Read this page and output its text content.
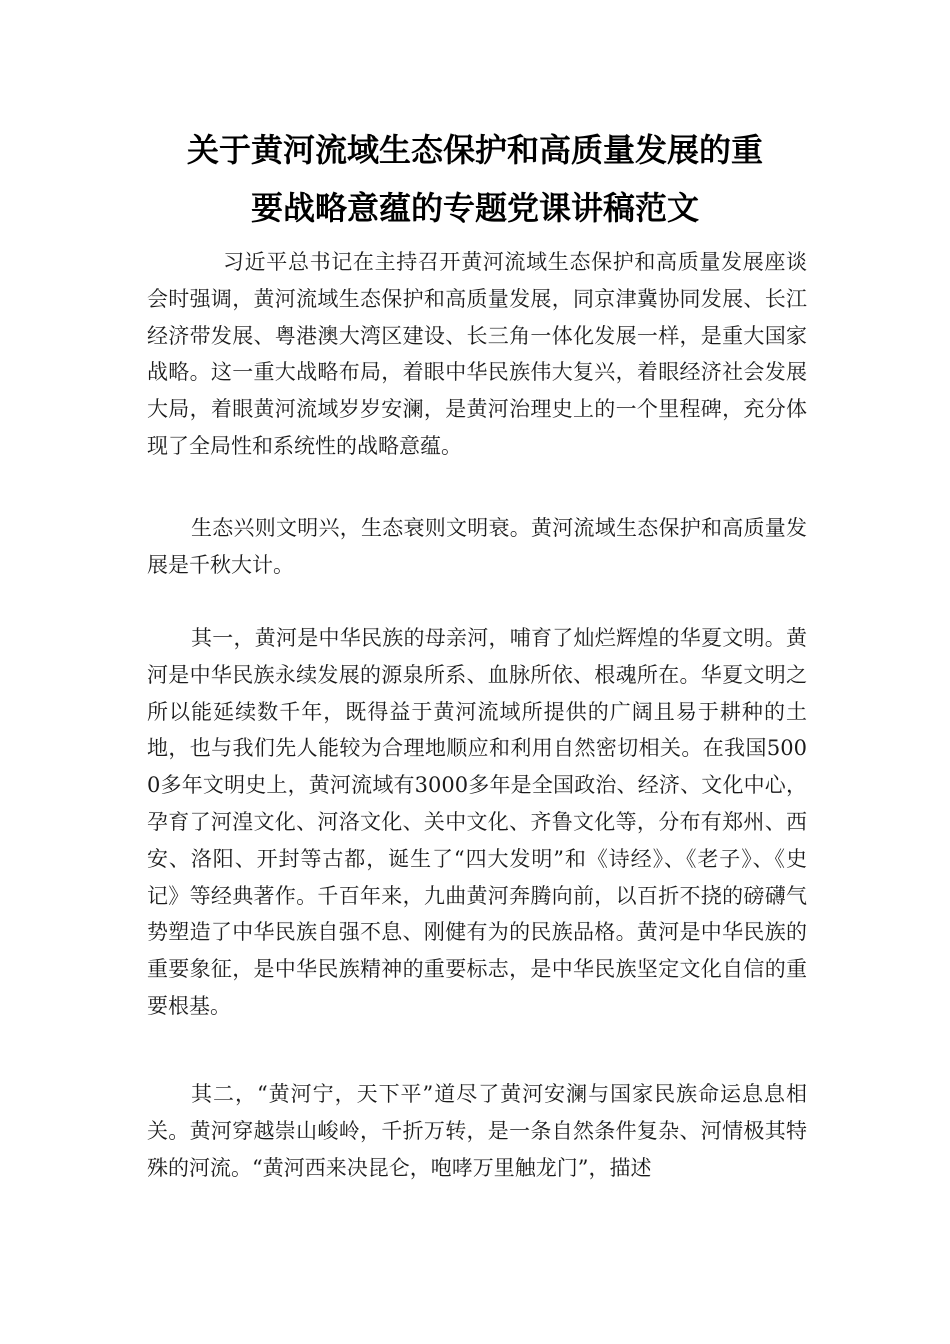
关于黄河流域生态保护和高质量发展的重
要战略意蕴的专题党课讲稿范文

习近平总书记在主持召开黄河流域生态保护和高质量发展座谈会时强调，黄河流域生态保护和高质量发展，同京津冀协同发展、长江经济带发展、粤港澳大湾区建设、长三角一体化发展一样，是重大国家战略。这一重大战略布局，着眼中华民族伟大复兴，着眼经济社会发展大局，着眼黄河流域岁岁安澜，是黄河治理史上的一个里程碑，充分体现了全局性和系统性的战略意蕴。

生态兴则文明兴，生态衰则文明衰。黄河流域生态保护和高质量发展是千秋大计。

其一，黄河是中华民族的母亲河，哺育了灿烂辉煌的华夏文明。黄河是中华民族永续发展的源泉所系、血脉所依、根魂所在。华夏文明之所以能延续数千年，既得益于黄河流域所提供的广阔且易于耕种的土地，也与我们先人能较为合理地顺应和利用自然密切相关。在我国5000多年文明史上，黄河流域有3000多年是全国政治、经济、文化中心，孕育了河湟文化、河洛文化、关中文化、齐鲁文化等，分布有郑州、西安、洛阳、开封等古都，诞生了“四大发明”和《诗经》、《老子》、《史记》等经典著作。千百年来，九曲黄河奔腾向前，以百折不挠的磅礴气势塑造了中华民族自强不息、刚健有为的民族品格。黄河是中华民族的重要象征，是中华民族精神的重要标志，是中华民族坚定文化自信的重要根基。

其二，“黄河宁，天下平”道尽了黄河安澜与国家民族命运息息相关。黄河穿越崇山峻岭，千折万转，是一条自然条件复杂、河情极其特殊的河流。“黄河西来决昆仑，咆哮万里触龙门”，描述
